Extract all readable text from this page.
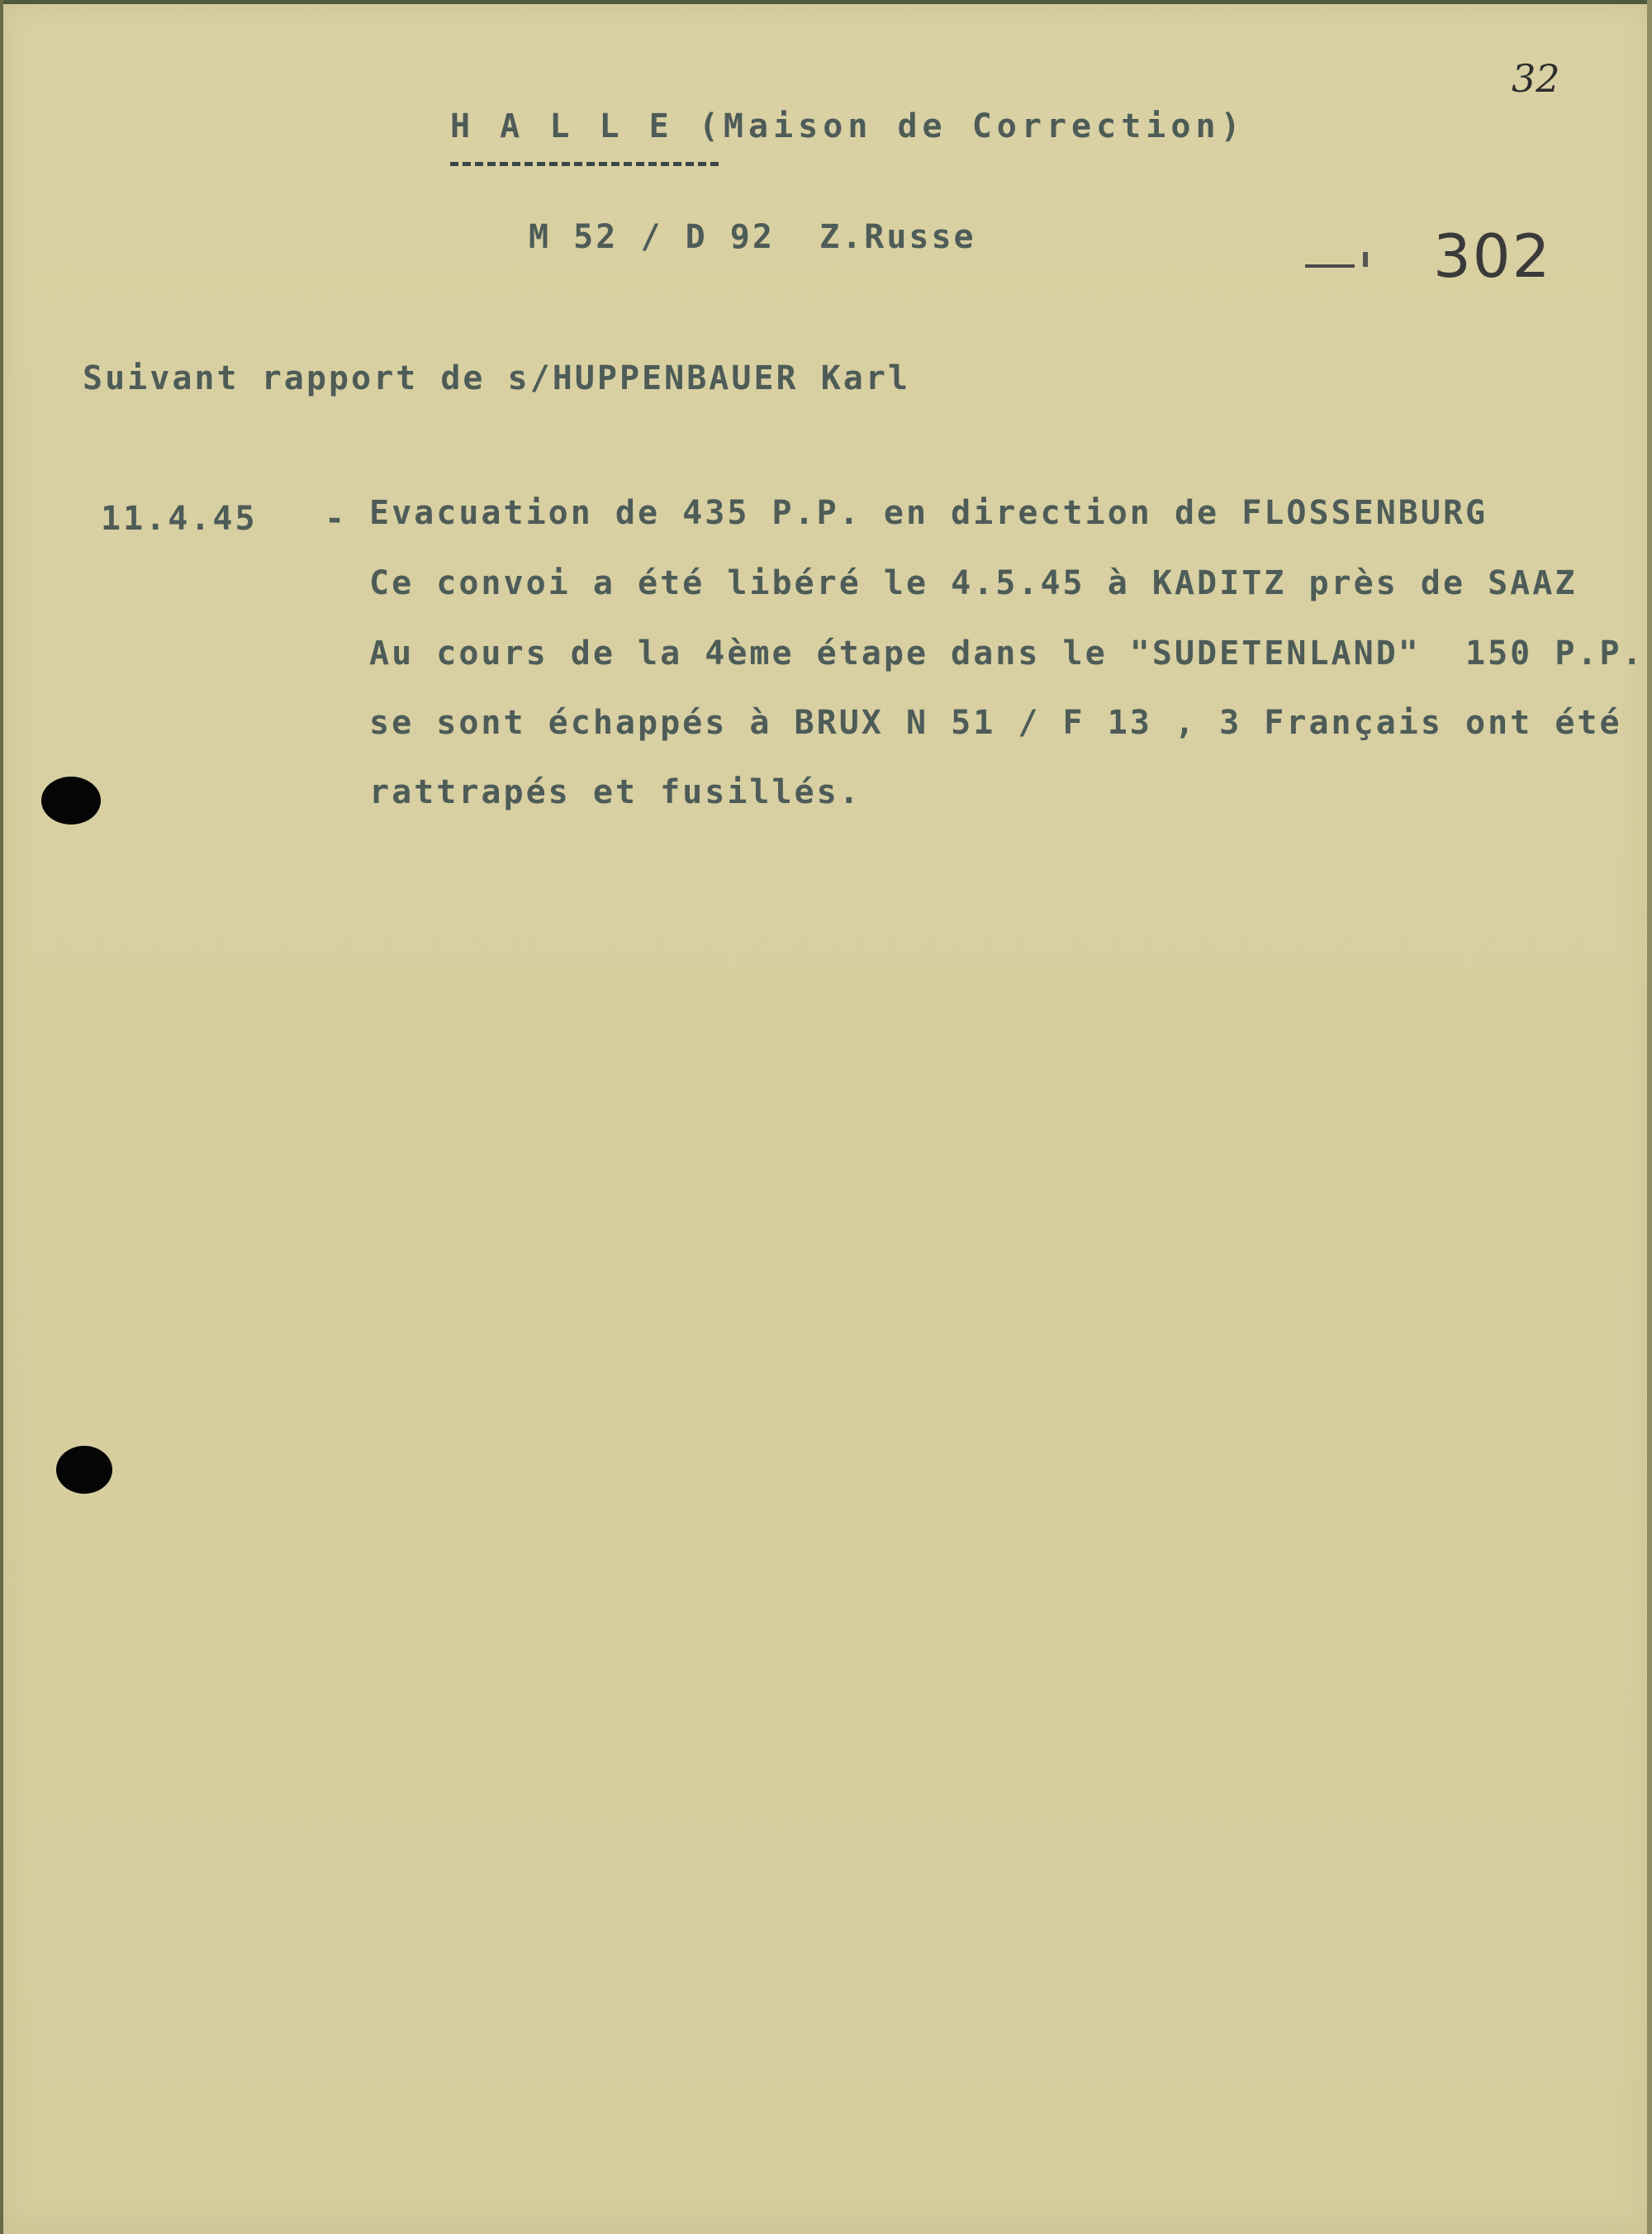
32
H A L L E (Maison de Correction)
M 52 / D 92  Z.Russe	302
Suivant rapport de s/HUPPENBAUER Karl
11.4.45 - Evacuation de 435 P.P. en direction de FLOSSENBURG
Ce convoi a été libéré le 4.5.45 à KADITZ près de SAAZ
Au cours de la 4ème étape dans le "SUDETENLAND"  150 P.P.
se sont échappés à BRUX N 51 / F 13 , 3 Français ont été
rattrapés et fusillés.
